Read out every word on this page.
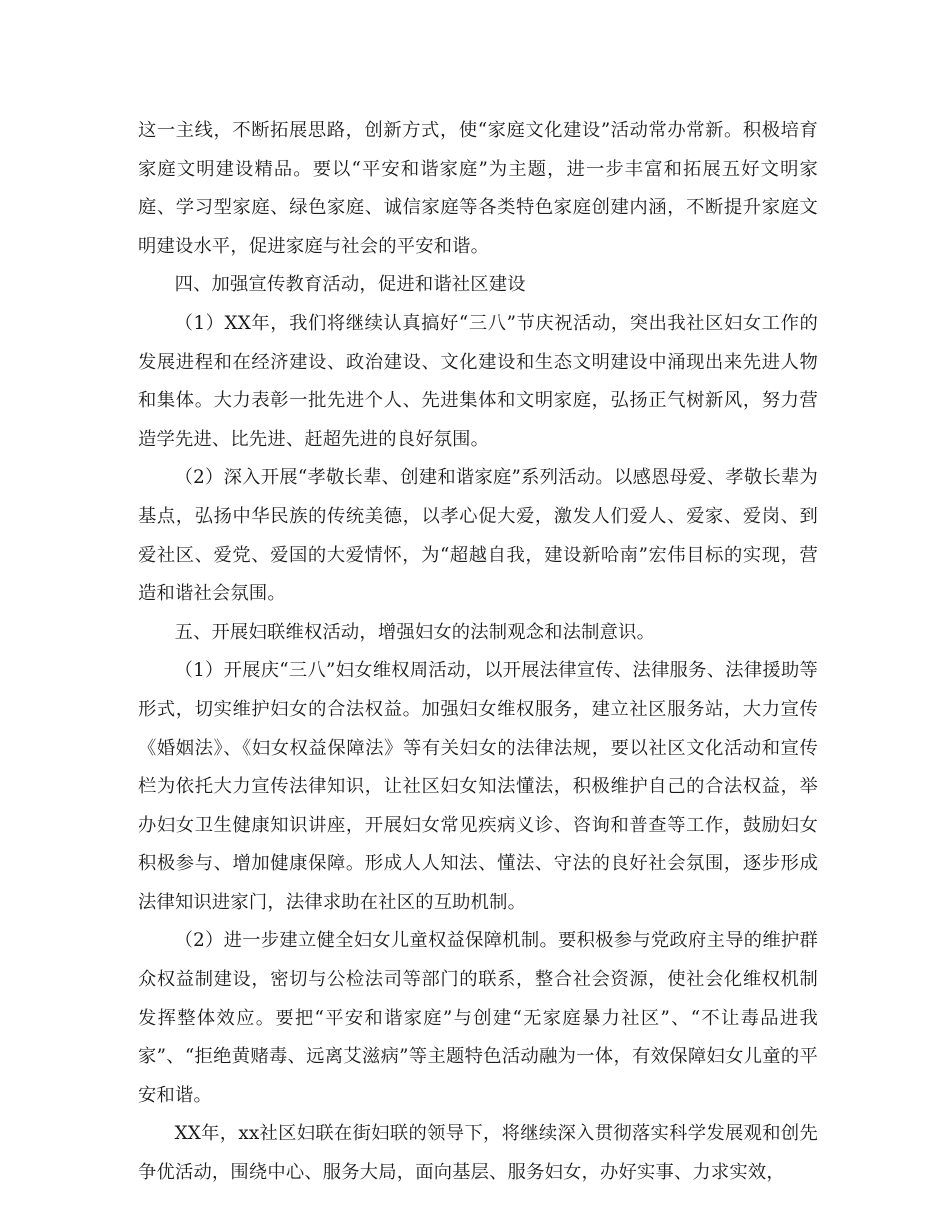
这一主线，不断拓展思路，创新方式，使“家庭文化建设”活动常办常新。积极培育家庭文明建设精品。要以“平安和谐家庭”为主题，进一步丰富和拓展五好文明家庭、学习型家庭、绿色家庭、诚信家庭等各类特色家庭创建内涵，不断提升家庭文明建设水平，促进家庭与社会的平安和谐。

四、加强宣传教育活动，促进和谐社区建设

（1）XX年，我们将继续认真搞好“三八”节庆祝活动，突出我社区妇女工作的发展进程和在经济建设、政治建设、文化建设和生态文明建设中涌现出来先进人物和集体。大力表彰一批先进个人、先进集体和文明家庭，弘扬正气树新风，努力营造学先进、比先进、赶超先进的良好氛围。

（2）深入开展“孝敬长辈、创建和谐家庭”系列活动。以感恩母爱、孝敬长辈为基点，弘扬中华民族的传统美德，以孝心促大爱，激发人们爱人、爱家、爱岗、到爱社区、爱党、爱国的大爱情怀，为“超越自我，建设新哈南”宏伟目标的实现，营造和谐社会氛围。

五、开展妇联维权活动，增强妇女的法制观念和法制意识。

（1）开展庆“三八”妇女维权周活动，以开展法律宣传、法律服务、法律援助等形式，切实维护妇女的合法权益。加强妇女维权服务，建立社区服务站，大力宣传《婚姻法》、《妇女权益保障法》等有关妇女的法律法规，要以社区文化活动和宣传栏为依托大力宣传法律知识，让社区妇女知法懂法，积极维护自己的合法权益，举办妇女卫生健康知识讲座，开展妇女常见疾病义诊、咨询和普查等工作，鼓励妇女积极参与、增加健康保障。形成人人知法、懂法、守法的良好社会氛围，逐步形成法律知识进家门，法律求助在社区的互助机制。

（2）进一步建立健全妇女儿童权益保障机制。要积极参与党政府主导的维护群众权益制建设，密切与公检法司等部门的联系，整合社会资源，使社会化维权机制发挥整体效应。要把“平安和谐家庭”与创建“无家庭暴力社区”、“不让毒品进我家”、“拒绝黄赌毒、远离艾滋病”等主题特色活动融为一体，有效保障妇女儿童的平安和谐。

XX年，xx社区妇联在街妇联的领导下，将继续深入贯彻落实科学发展观和创先争优活动，围绕中心、服务大局，面向基层、服务妇女，办好实事、力求实效，
